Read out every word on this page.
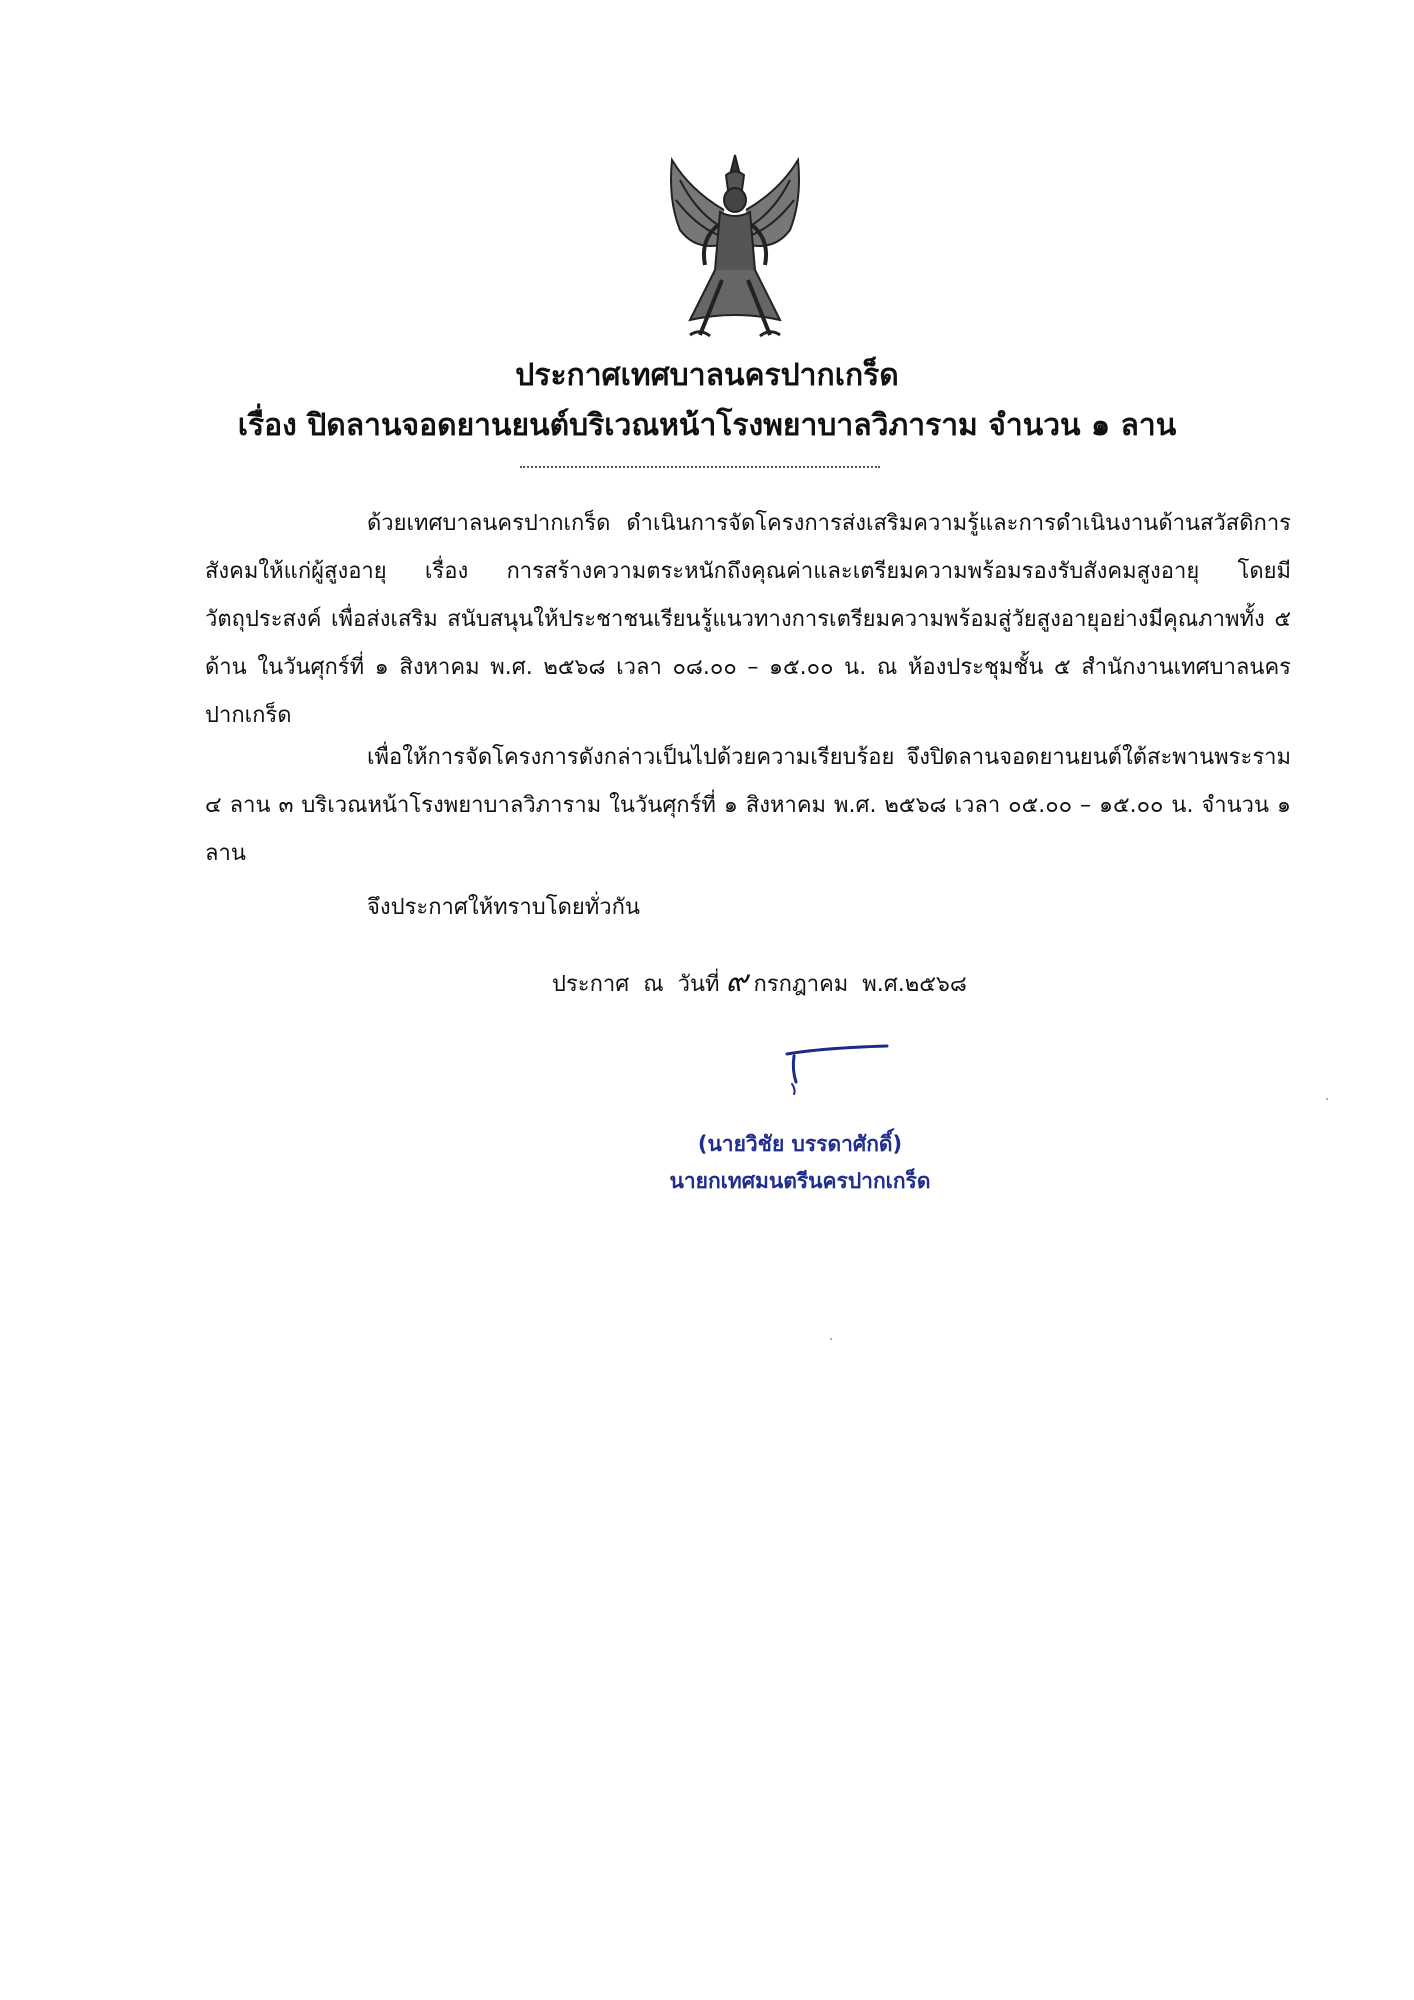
ประกาศเทศบาลนครปากเกร็ด
เรื่อง ปิดลานจอดยานยนต์บริเวณหน้าโรงพยาบาลวิภาราม จำนวน ๑ ลาน
ด้วยเทศบาลนครปากเกร็ด ดำเนินการจัดโครงการส่งเสริมความรู้และการดำเนินงานด้านสวัสดิการสังคมให้แก่ผู้สูงอายุ เรื่อง การสร้างความตระหนักถึงคุณค่าและเตรียมความพร้อมรองรับสังคมสูงอายุ โดยมีวัตถุประสงค์ เพื่อส่งเสริม สนับสนุนให้ประชาชนเรียนรู้แนวทางการเตรียมความพร้อมสู่วัยสูงอายุอย่างมีคุณภาพทั้ง ๕ ด้าน ในวันศุกร์ที่ ๑ สิงหาคม พ.ศ. ๒๕๖๘ เวลา ๐๘.๐๐ – ๑๕.๐๐ น. ณ ห้องประชุมชั้น ๕ สำนักงานเทศบาลนครปากเกร็ด
เพื่อให้การจัดโครงการดังกล่าวเป็นไปด้วยความเรียบร้อย จึงปิดลานจอดยานยนต์ใต้สะพานพระราม ๔ ลาน ๓ บริเวณหน้าโรงพยาบาลวิภาราม ในวันศุกร์ที่ ๑ สิงหาคม พ.ศ. ๒๕๖๘ เวลา ๐๕.๐๐ – ๑๕.๐๐ น. จำนวน ๑ ลาน
จึงประกาศให้ทราบโดยทั่วกัน
ประกาศ  ณ  วันที่ ๙ กรกฎาคม  พ.ศ.๒๕๖๘
(นายวิชัย บรรดาศักดิ์)
นายกเทศมนตรีนครปากเกร็ด
